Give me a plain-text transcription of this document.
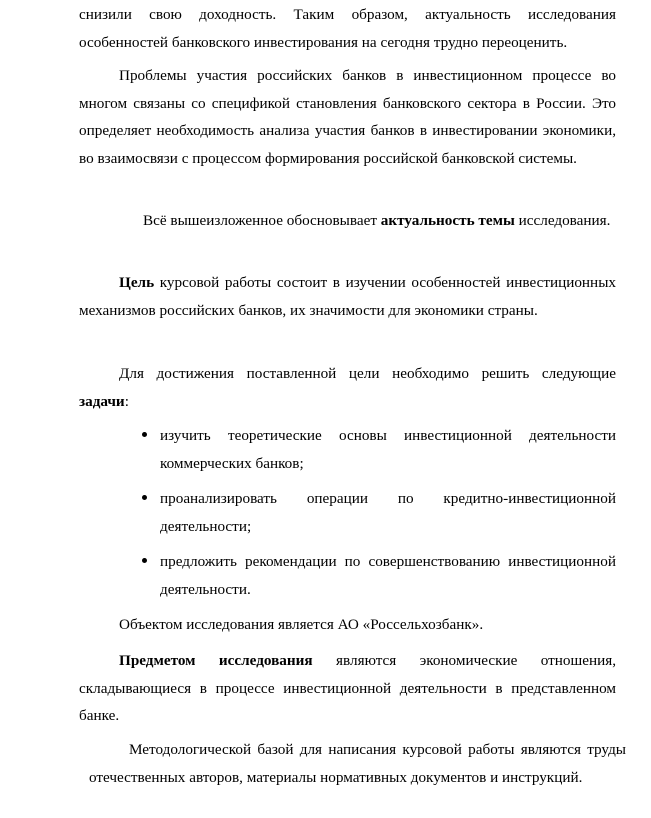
снизили свою доходность. Таким образом, актуальность исследования особенностей банковского инвестирования на сегодня трудно переоценить.

Проблемы участия российских банков в инвестиционном процессе во многом связаны со спецификой становления банковского сектора в России. Это определяет необходимость анализа участия банков в инвестировании экономики, во взаимосвязи с процессом формирования российской банковской системы.

Всё вышеизложенное обосновывает актуальность темы исследования.

Цель курсовой работы состоит в изучении особенностей инвестиционных механизмов российских банков, их значимости для экономики страны.

Для достижения поставленной цели необходимо решить следующие задачи:

изучить теоретические основы инвестиционной деятельности коммерческих банков;
проанализировать операции по кредитно-инвестиционной деятельности;
предложить рекомендации по совершенствованию инвестиционной деятельности.

Объектом исследования является АО «Россельхозбанк».

Предметом исследования являются экономические отношения, складывающиеся в процессе инвестиционной деятельности в представленном банке.

Методологической базой для написания курсовой работы являются труды отечественных авторов, материалы нормативных документов и инструкций.
